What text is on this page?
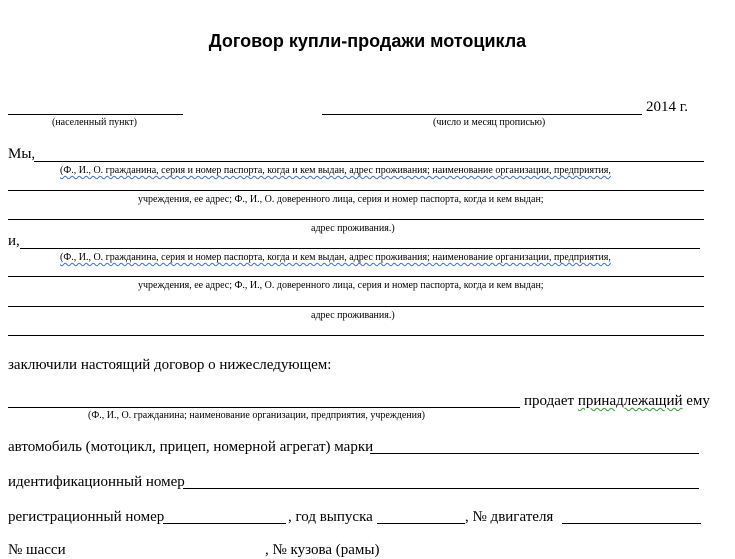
Договор купли-продажи мотоцикла
(населенный пункт)
2014 г.
(число и месяц прописью)
Мы,
(Ф., И., О. гражданина, серия и номер паспорта, когда и кем выдан, адрес проживания; наименование организации, предприятия,
учреждения, ее адрес; Ф., И., О. доверенного лица, серия и номер паспорта, когда и кем выдан;
адрес проживания.)
и,
(Ф., И., О. гражданина, серия и номер паспорта, когда и кем выдан, адрес проживания; наименование организации, предприятия,
учреждения, ее адрес; Ф., И., О. доверенного лица, серия и номер паспорта, когда и кем выдан;
адрес проживания.)
заключили настоящий договор о нижеследующем:
продает принадлежащий ему
(Ф., И., О. гражданина; наименование организации, предприятия, учреждения)
автомобиль (мотоцикл, прицеп, номерной агрегат) марки
идентификационный номер
регистрационный номер	, год выпуска	, № двигателя
№ шасси	, № кузова (рамы)
